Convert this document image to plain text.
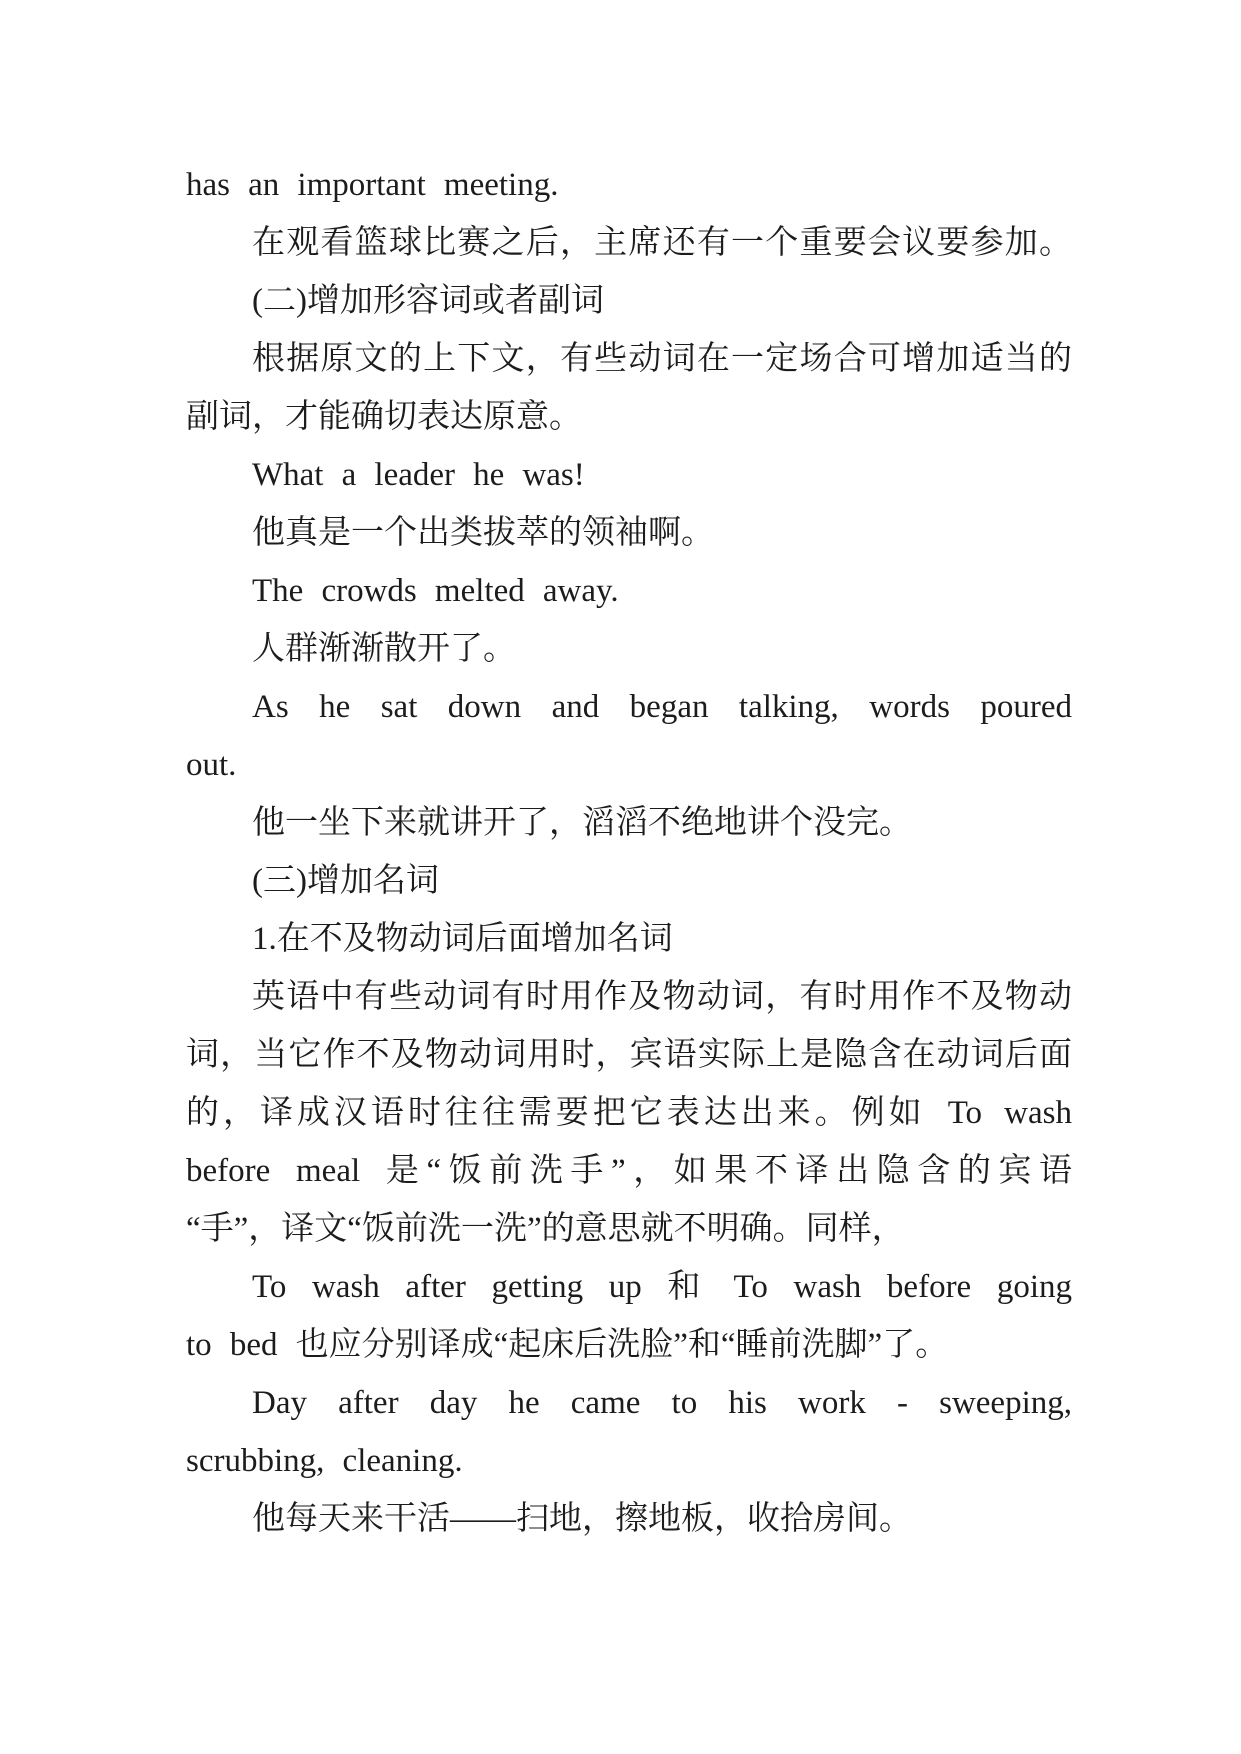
has an important meeting.

在观看篮球比赛之后，主席还有一个重要会议要参加。

(二)增加形容词或者副词

根据原文的上下文，有些动词在一定场合可增加适当的

副词，才能确切表达原意。

What a leader he was!

他真是一个出类拔萃的领袖啊。

The crowds melted away.

人群渐渐散开了。

As he sat down and began talking, words poured

out.

他一坐下来就讲开了，滔滔不绝地讲个没完。

(三)增加名词

1.在不及物动词后面增加名词

英语中有些动词有时用作及物动词，有时用作不及物动

词，当它作不及物动词用时，宾语实际上是隐含在动词后面

的，译成汉语时往往需要把它表达出来。例如 To wash

before meal 是“饭前洗手”，如果不译出隐含的宾语

“手”，译文“饭前洗一洗”的意思就不明确。同样，

To wash after getting up 和 To wash before going

to bed 也应分别译成“起床后洗脸”和“睡前洗脚”了。

Day after day he came to his work - sweeping,

scrubbing, cleaning.

他每天来干活——扫地，擦地板，收拾房间。
